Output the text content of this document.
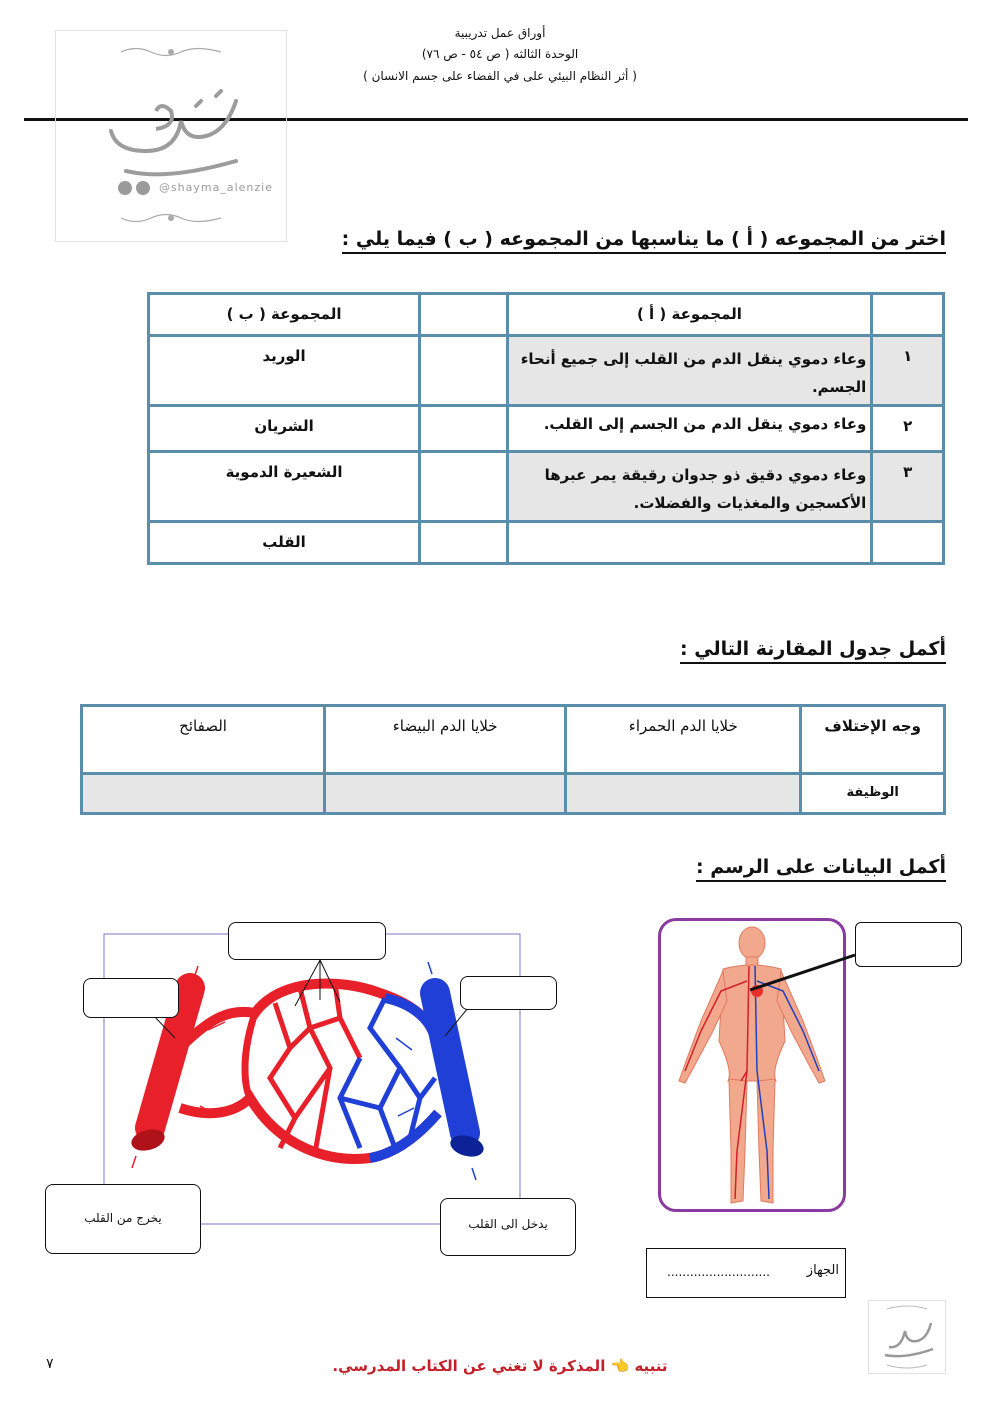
أوراق عمل تدريبية
الوحدة الثالثه ( ص ٥٤ - ص ٧٦)
( أثر النظام البيئي على في الفضاء على جسم الانسان )
@shayma_alenzie
اختر من المجموعه ( أ ) ما يناسبها من المجموعه ( ب ) فيما يلي :
	المجموعة ( أ )		المجموعة ( ب )
١	وعاء دموي ينقل الدم من القلب إلى جميع أنحاء الجسم.		الوريد
٢	وعاء دموي ينقل الدم من الجسم إلى القلب.		الشريان
٣	وعاء دموي دقيق ذو جدوان رقيقة يمر عبرها الأكسجين والمغذيات والفضلات.		الشعيرة الدموية
			القلب
أكمل جدول المقارنة التالي :
وجه الإختلاف	خلايا الدم الحمراء	خلايا الدم البيضاء	الصفائح
الوظيفة			
أكمل البيانات على الرسم :
يخرج من القلب	يدخل الى القلب
الجهاز
...........................
تنبيه 👈 المذكرة لا تغني عن الكتاب المدرسي.
٧
